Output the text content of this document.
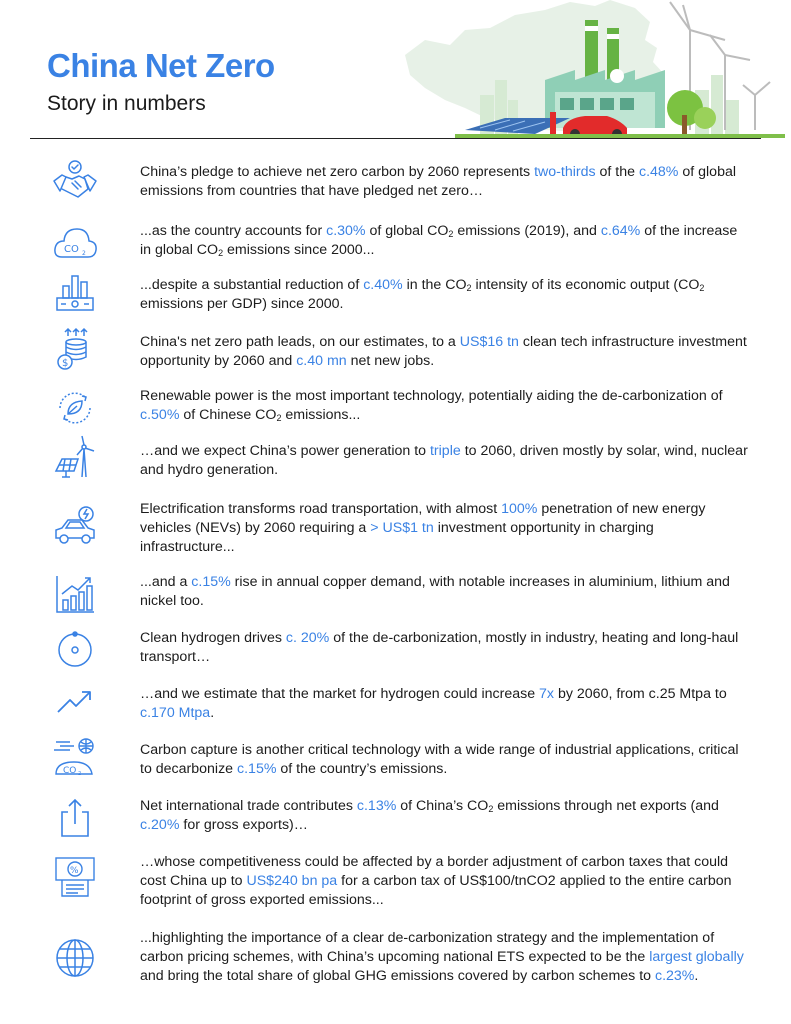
China Net Zero
Story in numbers
China’s pledge to achieve net zero carbon by 2060 represents two-thirds of the c.48% of global emissions from countries that have pledged net zero…
CO 2
...as the country accounts for c.30% of global $CO_2$ emissions (2019), and c.64% of the increase in global $CO_2$ emissions since 2000...
...despite a substantial reduction of c.40% in the $CO_2$ intensity of its economic output ($CO_2$ emissions per GDP) since 2000.
$
China's net zero path leads, on our estimates, to a US$16 tn clean tech infrastructure investment opportunity by 2060 and c.40 mn net new jobs.
Renewable power is the most important technology, potentially aiding the de-carbonization of c.50% of Chinese $CO_2$ emissions...
…and we expect China’s power generation to triple to 2060, driven mostly by solar, wind, nuclear and hydro generation.
Electrification transforms road transportation, with almost 100% penetration of new energy vehicles (NEVs) by 2060 requiring a > US$1 tn investment opportunity in charging infrastructure...
...and a c.15% rise in annual copper demand, with notable increases in aluminium, lithium and nickel too.
Clean hydrogen drives c. 20% of the de-carbonization, mostly in industry, heating and long-haul transport…
…and we estimate that the market for hydrogen could increase 7x by 2060, from c.25 Mtpa to c.170 Mtpa.
CO 2
Carbon capture is another critical technology with a wide range of industrial applications, critical to decarbonize c.15% of the country’s emissions.
Net international trade contributes c.13% of China’s $CO_2$ emissions through net exports (and c.20% for gross exports)…
%
…whose competitiveness could be affected by a border adjustment of carbon taxes that could cost China up to US$240 bn pa for a carbon tax of US$100/tnCO2 applied to the entire carbon footprint of gross exported emissions...
...highlighting the importance of a clear de-carbonization strategy and the implementation of carbon pricing schemes, with China’s upcoming national ETS expected to be the largest globally and bring the total share of global GHG emissions covered by carbon schemes to c.23%.
